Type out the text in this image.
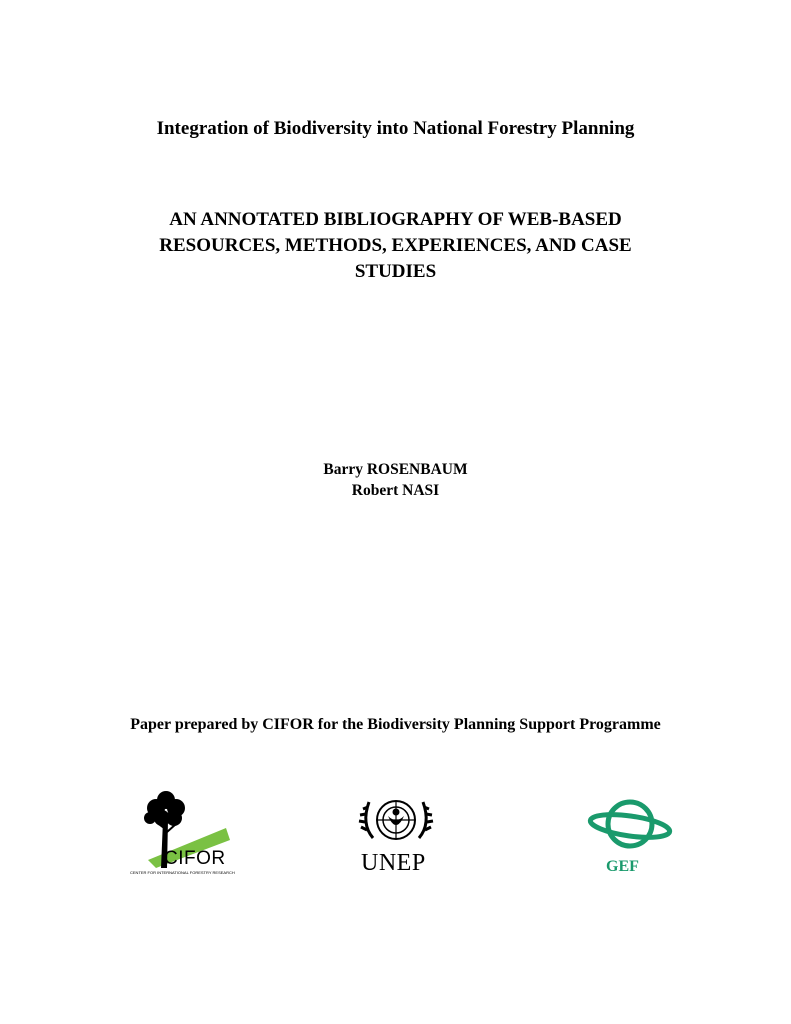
Integration of Biodiversity into National Forestry Planning
AN ANNOTATED BIBLIOGRAPHY OF WEB-BASED
RESOURCES, METHODS, EXPERIENCES, AND CASE
STUDIES
Barry ROSENBAUM
Robert NASI
Paper prepared by CIFOR for the Biodiversity Planning Support Programme
CIFOR
CENTER FOR INTERNATIONAL FORESTRY RESEARCH	UNEP	GEF
